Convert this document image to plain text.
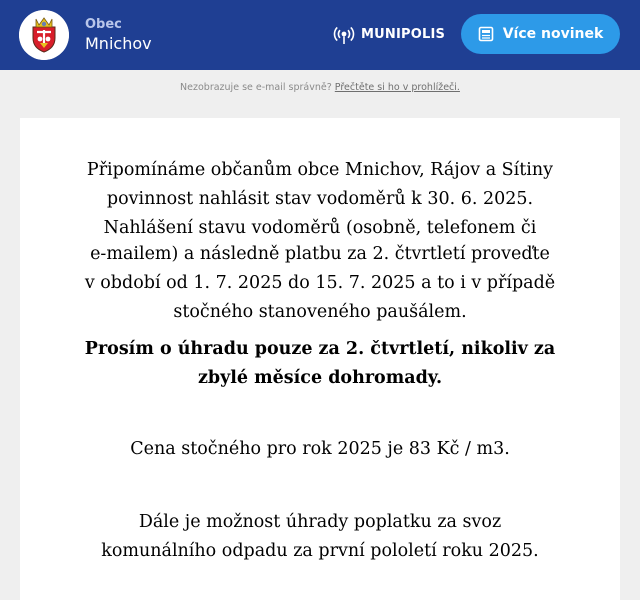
Obec
Mnichov	MUNIPOLIS	Více novinek
Nezobrazuje se e-mail správně? Přečtěte si ho v prohlížeči.
Připomínáme občanům obce Mnichov, Rájov a Sítiny
povinnost nahlásit stav vodoměrů k 30. 6. 2025.
Nahlášení stavu vodoměrů (osobně, telefonem či
e-mailem) a následně platbu za 2. čtvrtletí proveďte
v období od 1. 7. 2025 do 15. 7. 2025 a to i v případě
stočného stanoveného paušálem.
Prosím o úhradu pouze za 2. čtvrtletí, nikoliv za
zbylé měsíce dohromady.
Cena stočného pro rok 2025 je 83 Kč / m3.
Dále je možnost úhrady poplatku za svoz
komunálního odpadu za první pololetí roku 2025.
